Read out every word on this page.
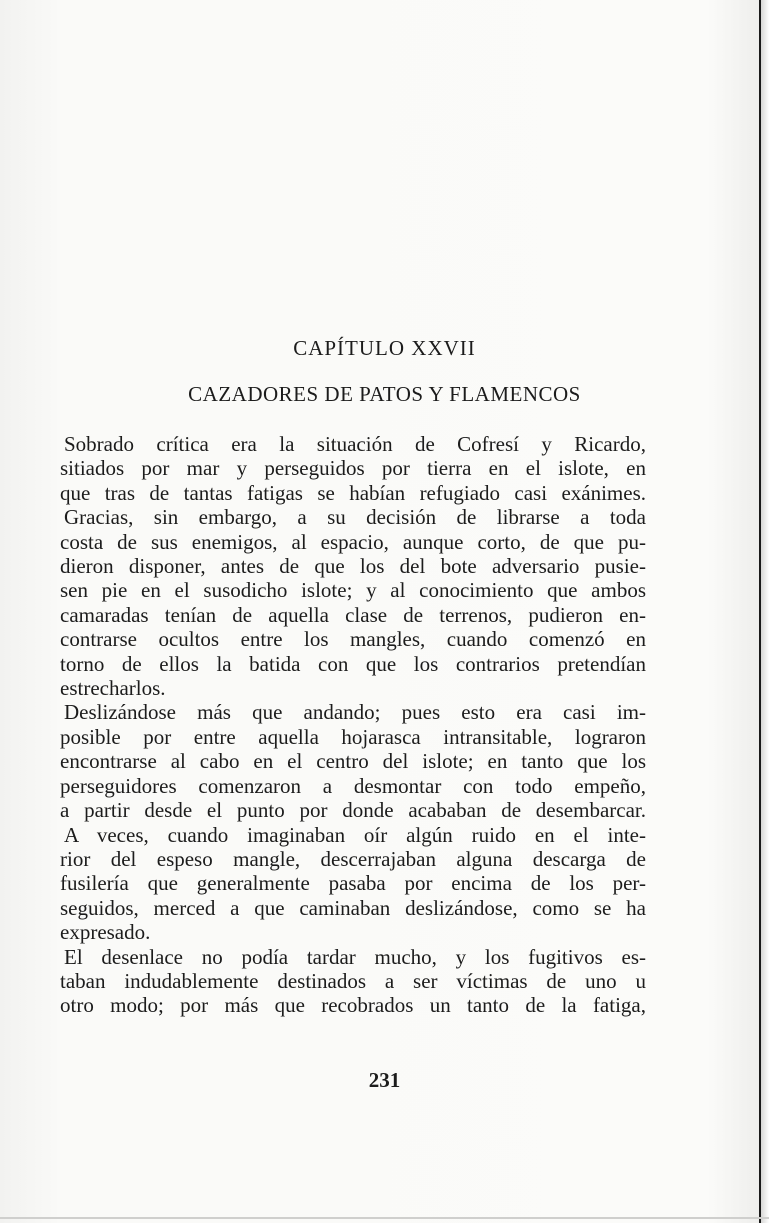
CAPÍTULO XXVII
CAZADORES DE PATOS Y FLAMENCOS
Sobrado crítica era la situación de Cofresí y Ricardo,
sitiados por mar y perseguidos por tierra en el islote, en
que tras de tantas fatigas se habían refugiado casi exánimes.
Gracias, sin embargo, a su decisión de librarse a toda
costa de sus enemigos, al espacio, aunque corto, de que pu-
dieron disponer, antes de que los del bote adversario pusie-
sen pie en el susodicho islote; y al conocimiento que ambos
camaradas tenían de aquella clase de terrenos, pudieron en-
contrarse ocultos entre los mangles, cuando comenzó en
torno de ellos la batida con que los contrarios pretendían
estrecharlos.
Deslizándose más que andando; pues esto era casi im-
posible por entre aquella hojarasca intransitable, lograron
encontrarse al cabo en el centro del islote; en tanto que los
perseguidores comenzaron a desmontar con todo empeño,
a partir desde el punto por donde acababan de desembarcar.
A veces, cuando imaginaban oír algún ruido en el inte-
rior del espeso mangle, descerrajaban alguna descarga de
fusilería que generalmente pasaba por encima de los per-
seguidos, merced a que caminaban deslizándose, como se ha
expresado.
El desenlace no podía tardar mucho, y los fugitivos es-
taban indudablemente destinados a ser víctimas de uno u
otro modo; por más que recobrados un tanto de la fatiga,
231
